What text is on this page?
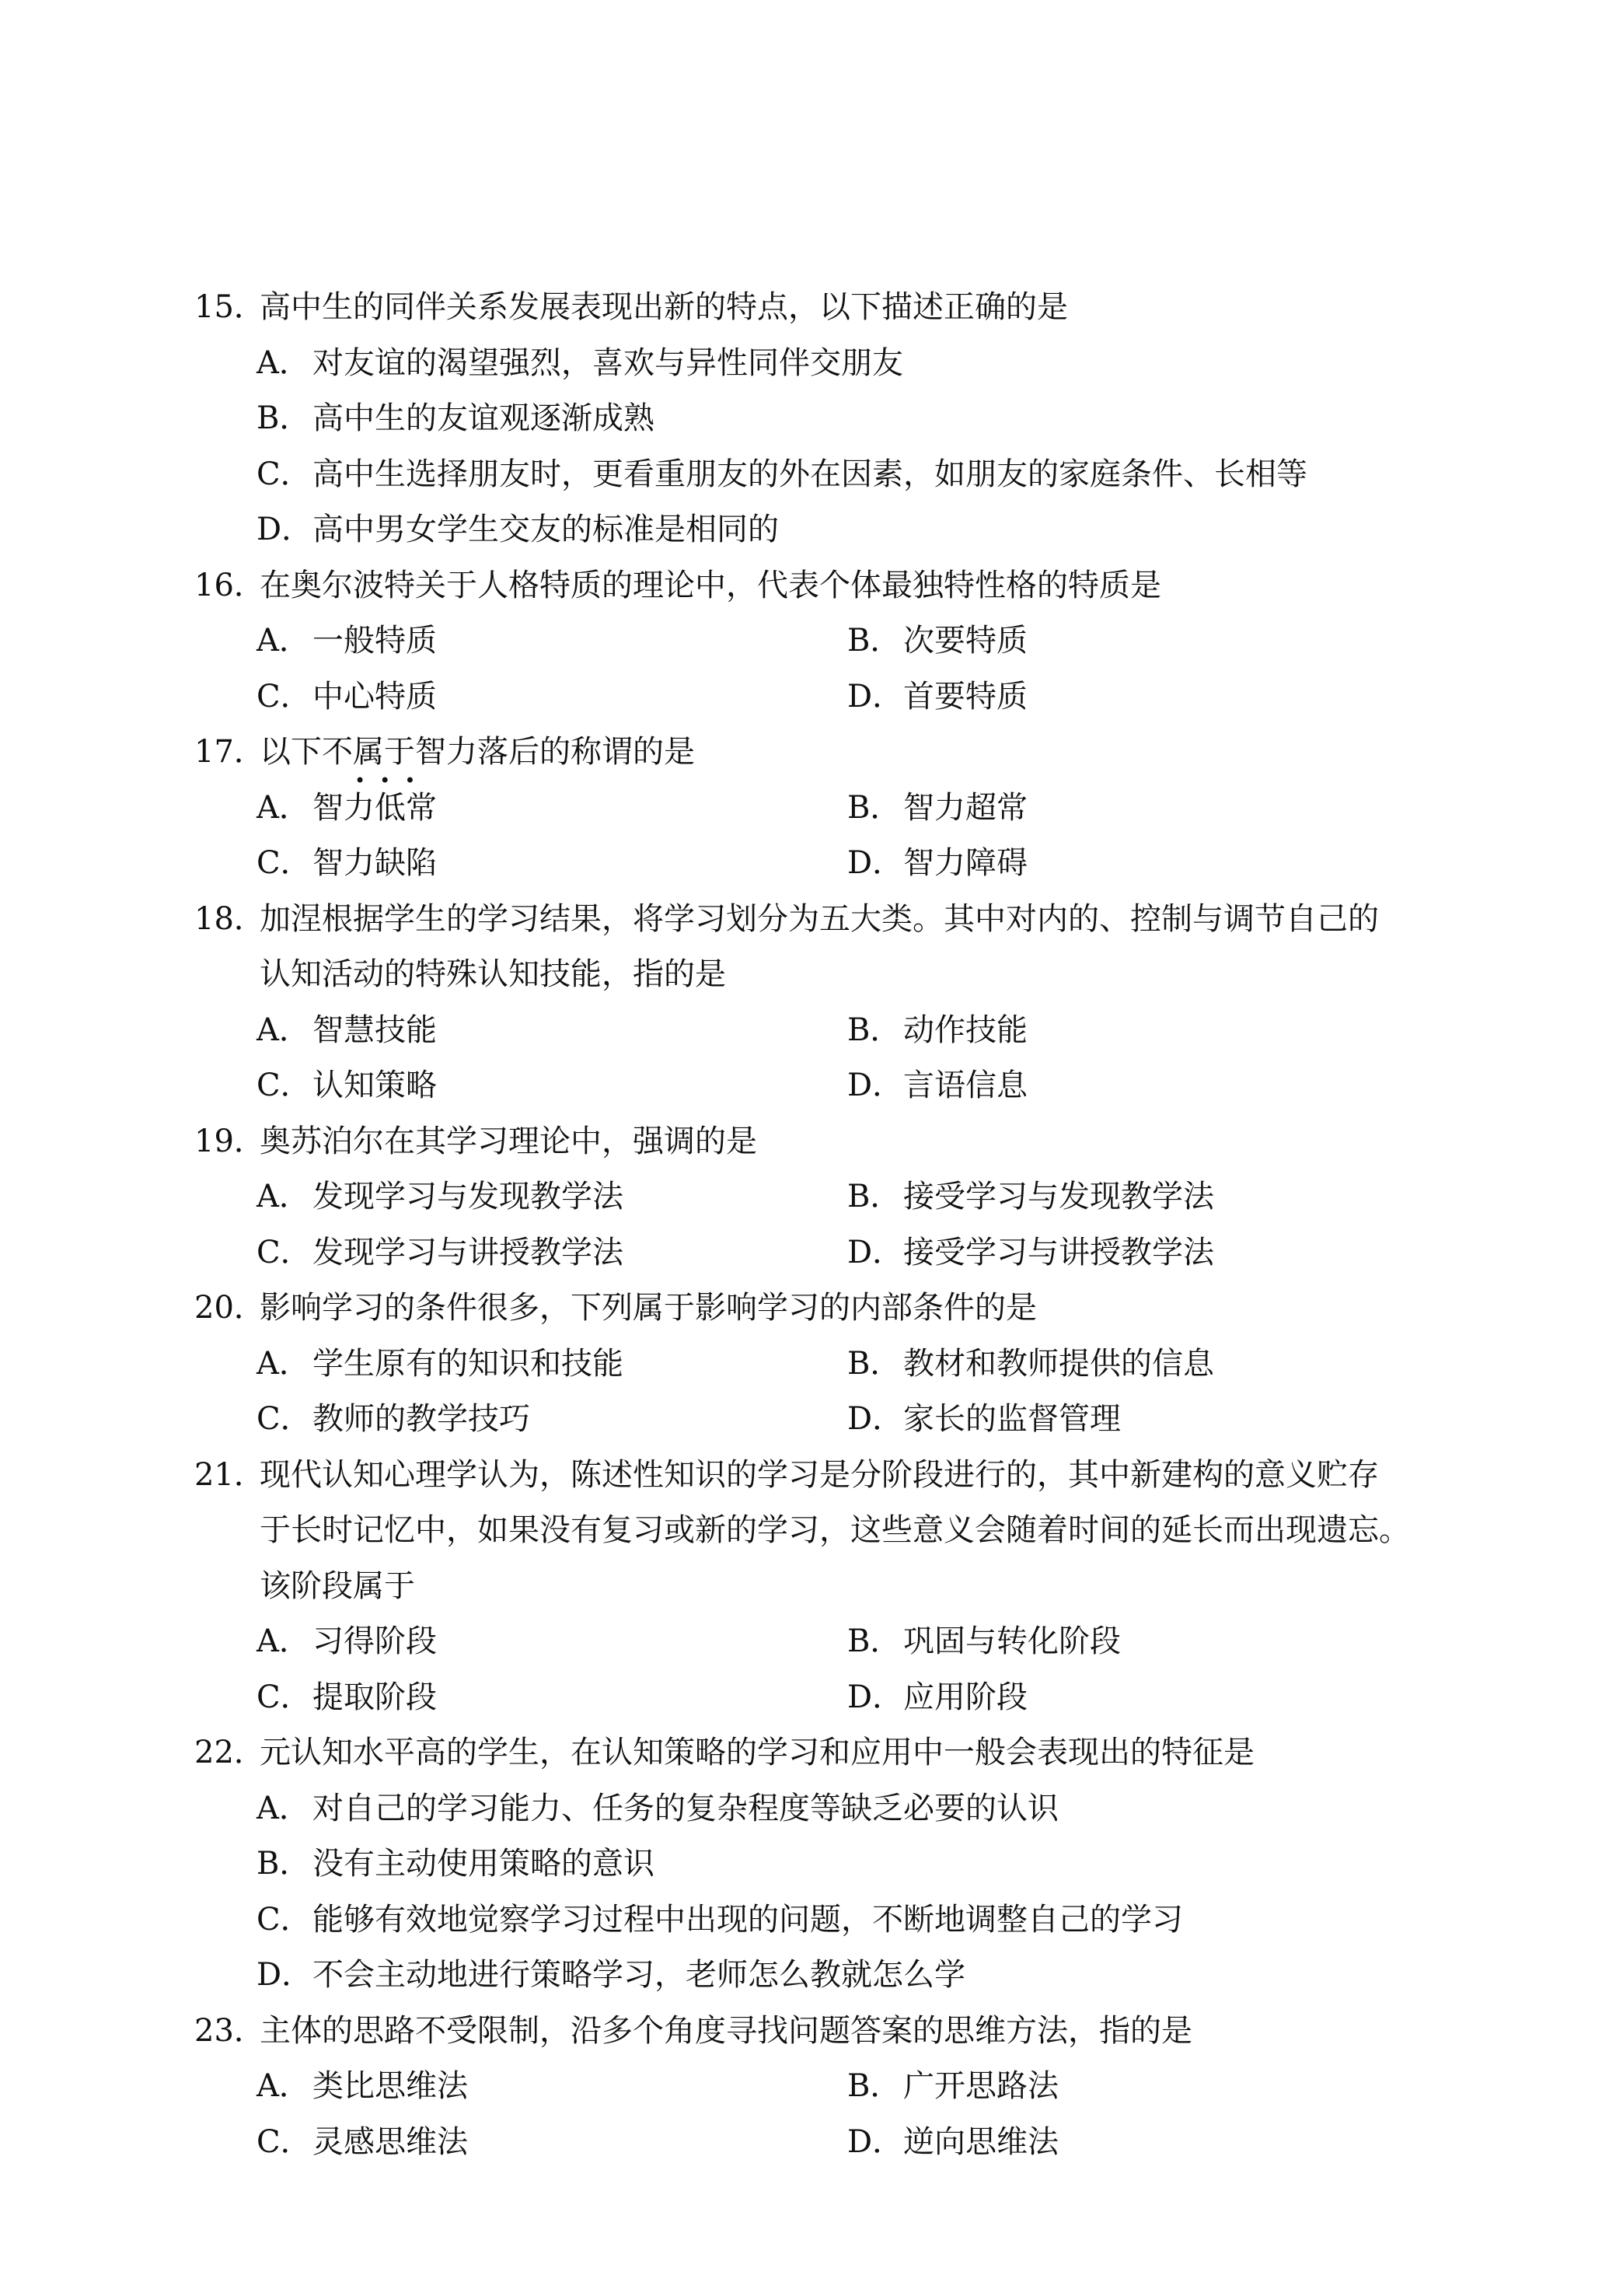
15．高中生的同伴关系发展表现出新的特点，以下描述正确的是
A．对友谊的渴望强烈，喜欢与异性同伴交朋友
B．高中生的友谊观逐渐成熟
C．高中生选择朋友时，更看重朋友的外在因素，如朋友的家庭条件、长相等
D．高中男女学生交友的标准是相同的
16．在奥尔波特关于人格特质的理论中，代表个体最独特性格的特质是
A．一般特质	B．次要特质
C．中心特质	D．首要特质
17．以下不属于
•••
智力落后的称谓的是
A．智力低常	B．智力超常
C．智力缺陷	D．智力障碍
18．加涅根据学生的学习结果，将学习划分为五大类。其中对内的、控制与调节自己的
认知活动的特殊认知技能，指的是
A．智慧技能	B．动作技能
C．认知策略	D．言语信息
19．奥苏泊尔在其学习理论中，强调的是
A．发现学习与发现教学法	B．接受学习与发现教学法
C．发现学习与讲授教学法	D．接受学习与讲授教学法
20．影响学习的条件很多，下列属于影响学习的内部条件的是
A．学生原有的知识和技能	B．教材和教师提供的信息
C．教师的教学技巧	D．家长的监督管理
21．现代认知心理学认为，陈述性知识的学习是分阶段进行的，其中新建构的意义贮存
于长时记忆中，如果没有复习或新的学习，这些意义会随着时间的延长而出现遗忘。
该阶段属于
A．习得阶段	B．巩固与转化阶段
C．提取阶段	D．应用阶段
22．元认知水平高的学生，在认知策略的学习和应用中一般会表现出的特征是
A．对自己的学习能力、任务的复杂程度等缺乏必要的认识
B．没有主动使用策略的意识
C．能够有效地觉察学习过程中出现的问题，不断地调整自己的学习
D．不会主动地进行策略学习，老师怎么教就怎么学
23．主体的思路不受限制，沿多个角度寻找问题答案的思维方法，指的是
A．类比思维法	B．广开思路法
C．灵感思维法	D．逆向思维法
